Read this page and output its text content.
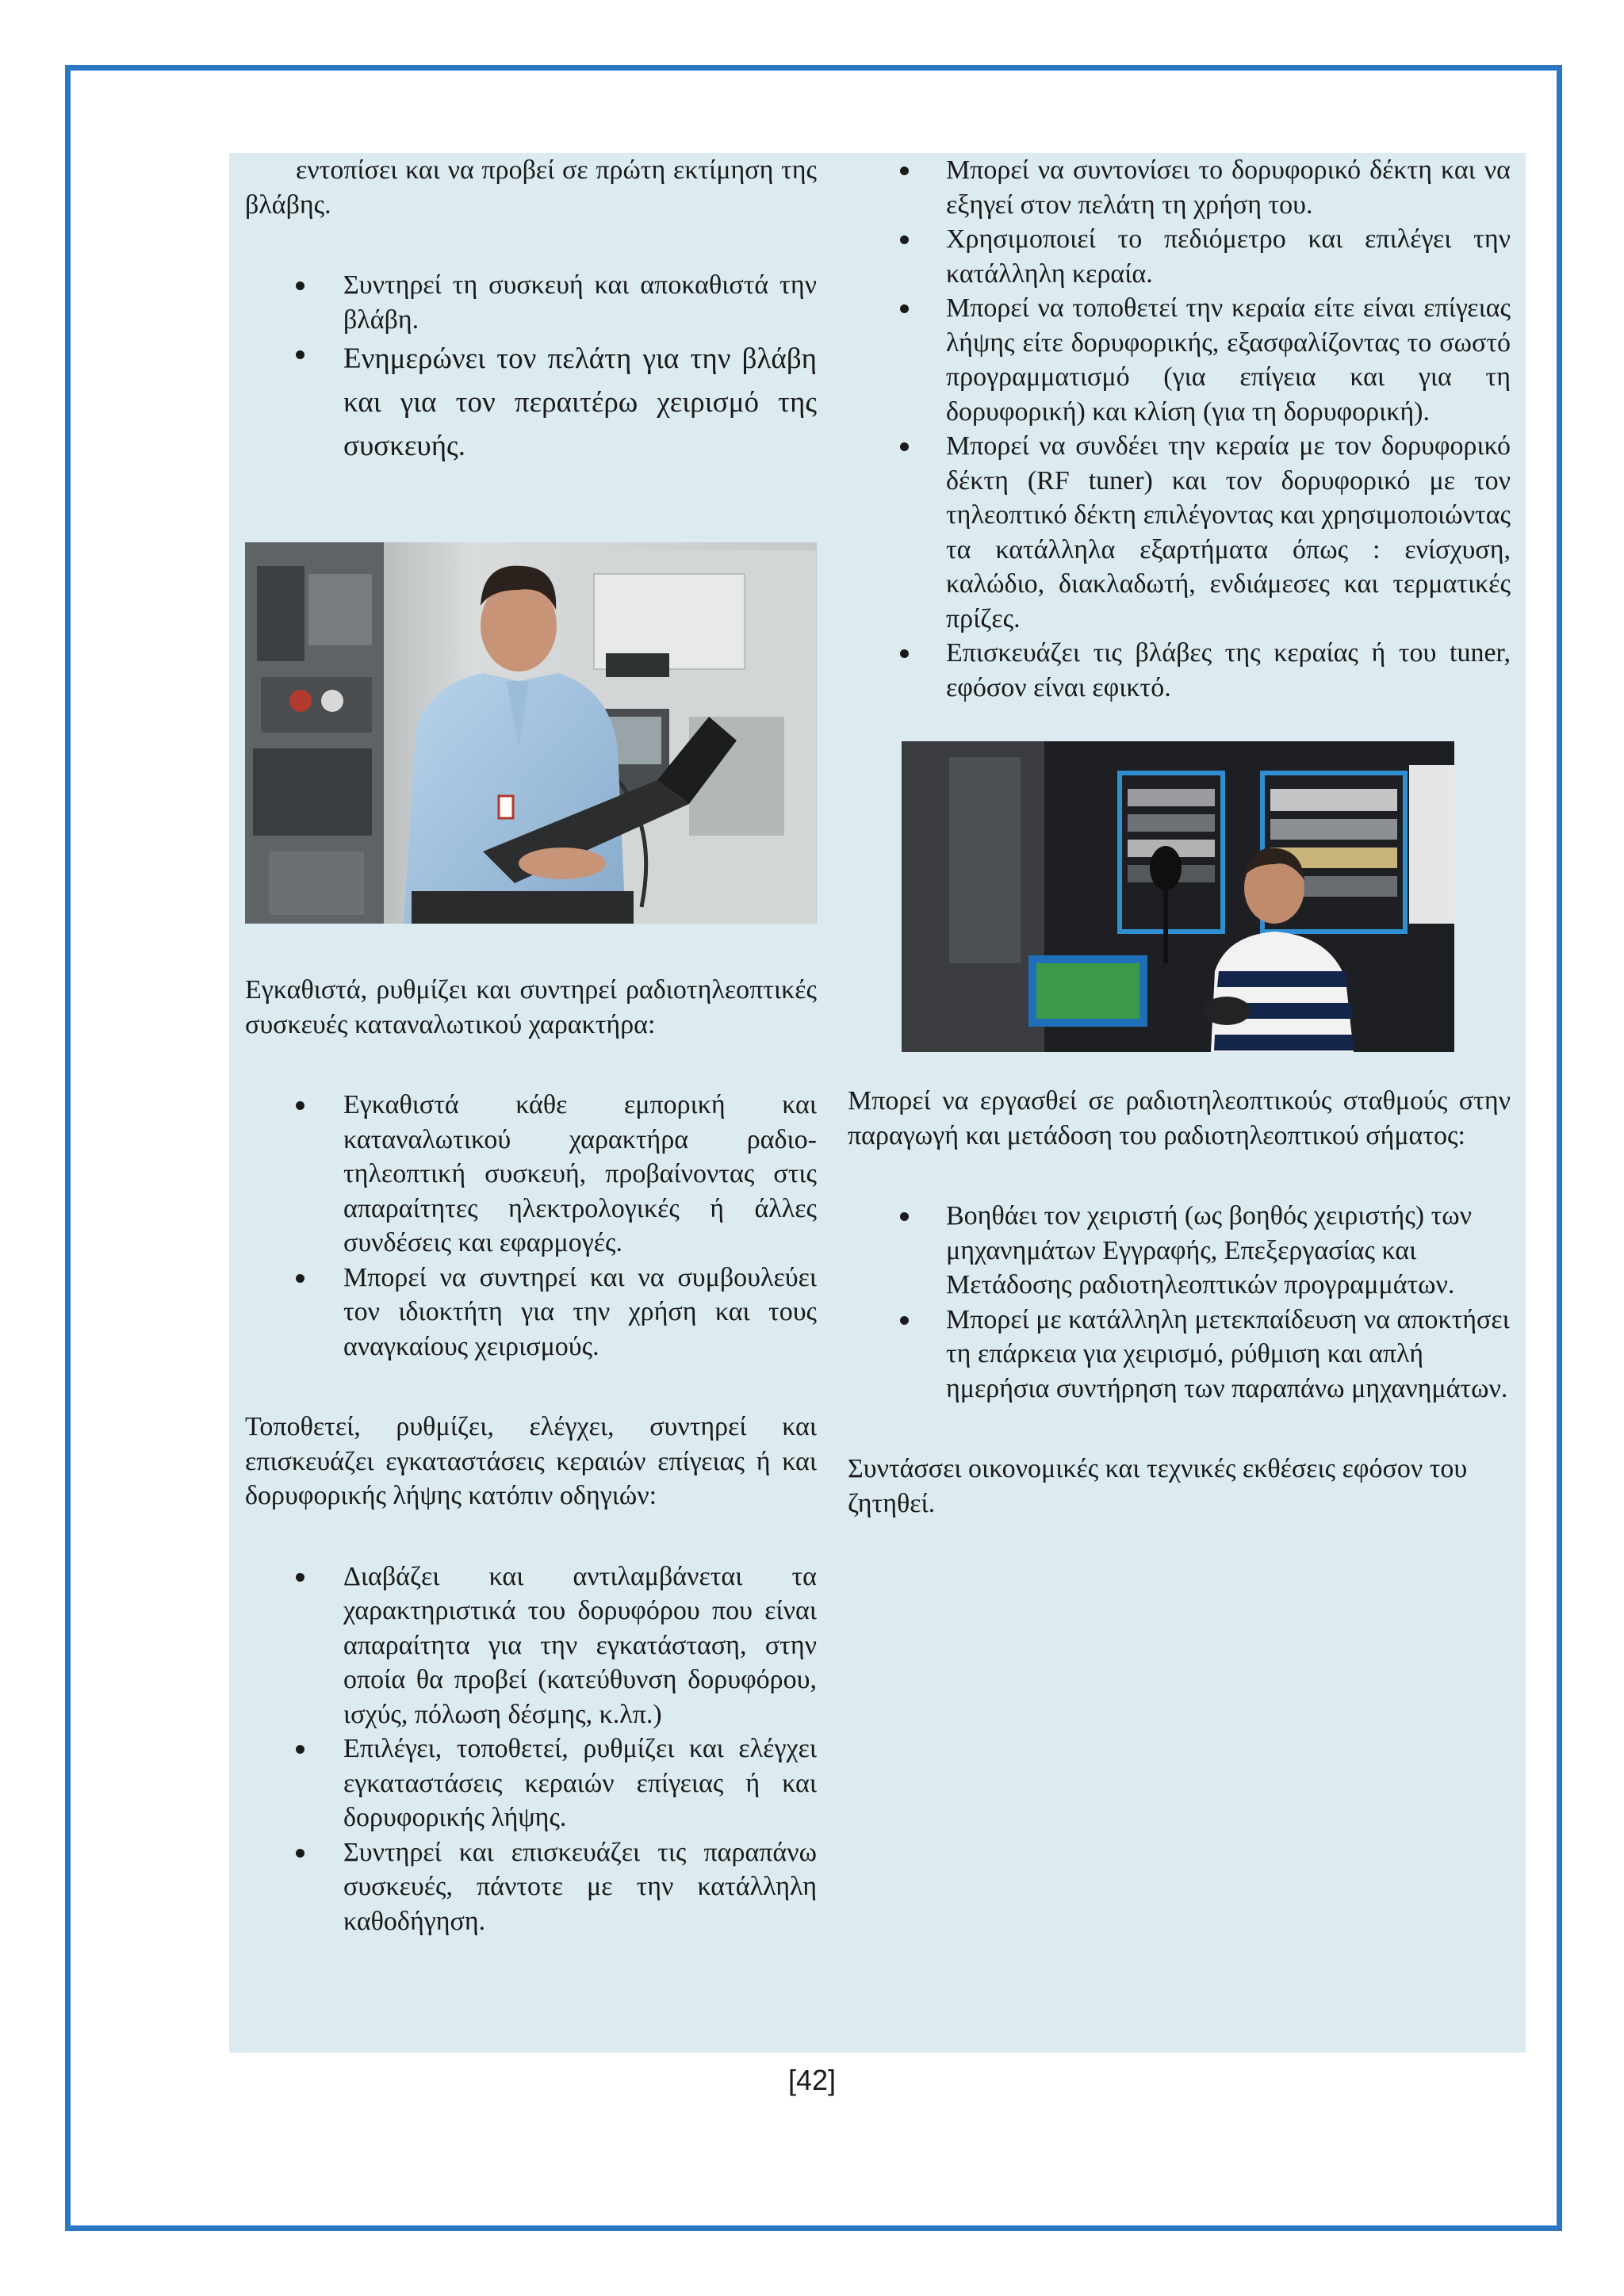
εντοπίσει και να προβεί σε πρώτη εκτίμηση της βλάβης.

Συντηρεί τη συσκευή και αποκαθιστά την βλάβη.
Ενημερώνει τον πελάτη για την βλάβη και για τον περαιτέρω χειρισμό της συσκευής.

Εγκαθιστά, ρυθμίζει και συντηρεί ραδιοτηλεοπτικές συσκευές καταναλωτικού χαρακτήρα:

Εγκαθιστά κάθε εμπορική και καταναλωτικού χαρακτήρα ραδιο-τηλεοπτική συσκευή, προβαίνοντας στις απαραίτητες ηλεκτρολογικές ή άλλες συνδέσεις και εφαρμογές.
Μπορεί να συντηρεί και να συμβουλεύει τον ιδιοκτήτη για την χρήση και τους αναγκαίους χειρισμούς.

Τοποθετεί, ρυθμίζει, ελέγχει, συντηρεί και επισκευάζει εγκαταστάσεις κεραιών επίγειας ή και δορυφορικής λήψης κατόπιν οδηγιών:

Διαβάζει και αντιλαμβάνεται τα χαρακτηριστικά του δορυφόρου που είναι απαραίτητα για την εγκατάσταση, στην οποία θα προβεί (κατεύθυνση δορυφόρου, ισχύς, πόλωση δέσμης, κ.λπ.)
Επιλέγει, τοποθετεί, ρυθμίζει και ελέγχει εγκαταστάσεις κεραιών επίγειας ή και δορυφορικής λήψης.
Συντηρεί και επισκευάζει τις παραπάνω συσκευές, πάντοτε με την κατάλληλη καθοδήγηση.
Μπορεί να συντονίσει το δορυφορικό δέκτη και να εξηγεί στον πελάτη τη χρήση του.
Χρησιμοποιεί το πεδιόμετρο και επιλέγει την κατάλληλη κεραία.
Μπορεί να τοποθετεί την κεραία είτε είναι επίγειας λήψης είτε δορυφορικής, εξασφαλίζοντας το σωστό προγραμματισμό (για επίγεια και για τη δορυφορική) και κλίση (για τη δορυφορική).
Μπορεί να συνδέει την κεραία με τον δορυφορικό δέκτη (RF tuner) και τον δορυφορικό με τον τηλεοπτικό δέκτη επιλέγοντας και χρησιμοποιώντας τα κατάλληλα εξαρτήματα όπως : ενίσχυση, καλώδιο, διακλαδωτή, ενδιάμεσες και τερματικές πρίζες.
Επισκευάζει τις βλάβες της κεραίας ή του tuner, εφόσον είναι εφικτό.

Μπορεί να εργασθεί σε ραδιοτηλεοπτικούς σταθμούς στην παραγωγή και μετάδοση του ραδιοτηλεοπτικού σήματος:

Βοηθάει τον χειριστή (ως βοηθός χειριστής) των μηχανημάτων Εγγραφής, Επεξεργασίας και Μετάδοσης ραδιοτηλεοπτικών προγραμμάτων.
Μπορεί με κατάλληλη μετεκπαίδευση να αποκτήσει τη επάρκεια για χειρισμό, ρύθμιση και απλή ημερήσια συντήρηση των παραπάνω μηχανημάτων.

Συντάσσει οικονομικές και τεχνικές εκθέσεις εφόσον του ζητηθεί.

[42]
